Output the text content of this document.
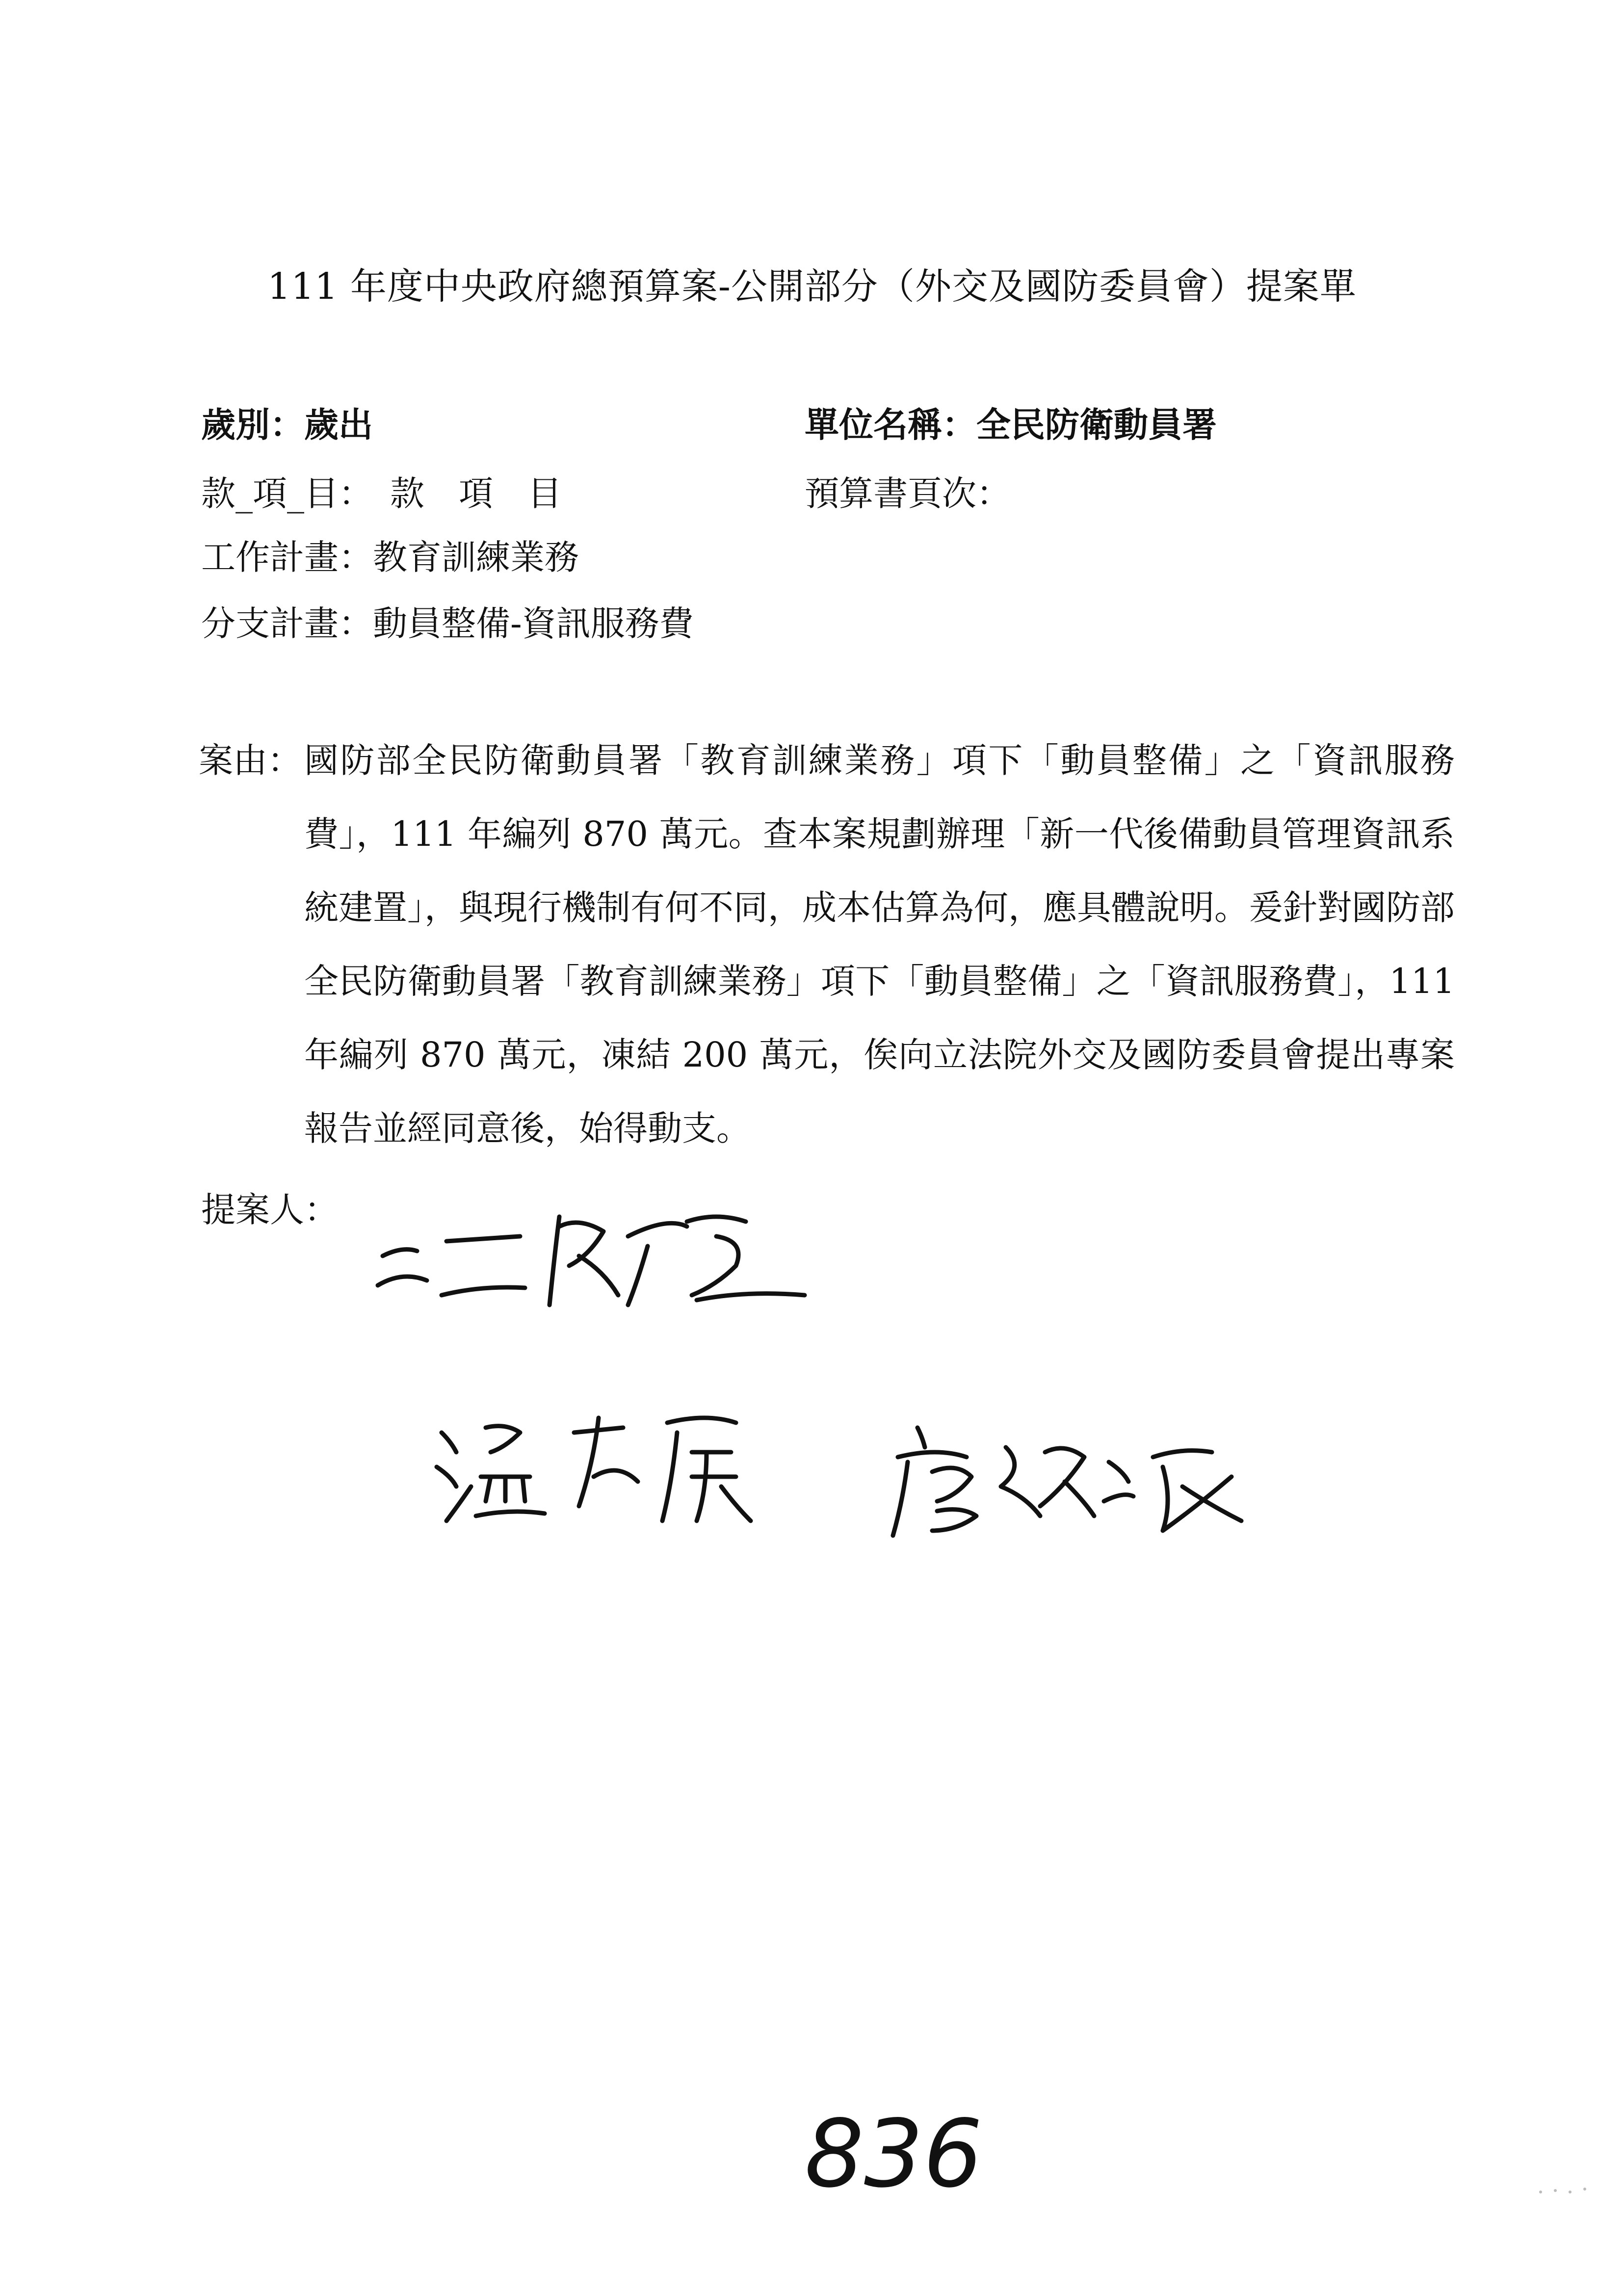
111 年度中央政府總預算案-公開部分（外交及國防委員會）提案單
歲別：歲出	單位名稱：全民防衛動員署
款_項_目：　款　項　目	預算書頁次：
工作計畫：教育訓練業務
分支計畫：動員整備-資訊服務費
案由： 國防部全民防衛動員署「教育訓練業務」項下「動員整備」之「資訊服務費」，111 年編列 870 萬元。查本案規劃辦理「新一代後備動員管理資訊系統建置」，與現行機制有何不同，成本估算為何，應具體說明。爰針對國防部全民防衛動員署「教育訓練業務」項下「動員整備」之「資訊服務費」，111 年編列 870 萬元，凍結 200 萬元，俟向立法院外交及國防委員會提出專案報告並經同意後，始得動支。
提案人：
836
